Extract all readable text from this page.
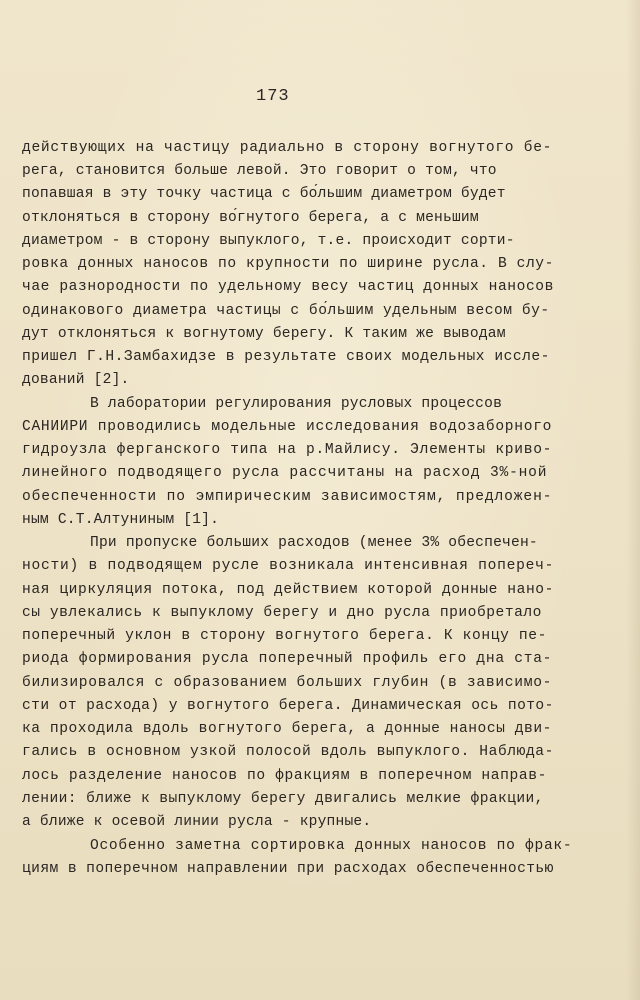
173
действующих на частицу радиально в сторону вогнутого бе-
рега, становится больше левой. Это говорит о том, что
попавшая в эту точку частица с бо́льшим диаметром будет
отклоняться в сторону во́гнутого берега, а с меньшим
диаметром - в сторону выпуклого, т.е. происходит сорти-
ровка донных наносов по крупности по ширине русла. В слу-
чае разнородности по удельному весу частиц донных наносов
одинакового диаметра частицы с бо́льшим удельным весом бу-
дут отклоняться к вогнутому берегу. К таким же выводам
пришел Г.Н.Замбахидзе в результате своих модельных иссле-
дований [2].
В лаборатории регулирования русловых процессов
САНИИРИ проводились модельные исследования водозаборного
гидроузла ферганского типа на р.Майлису. Элементы криво-
линейного подводящего русла рассчитаны на расход 3%-ной
обеспеченности по эмпирическим зависимостям, предложен-
ным С.Т.Алтуниным [1].
При пропуске больших расходов (менее 3% обеспечен-
ности) в подводящем русле возникала интенсивная попереч-
ная циркуляция потока, под действием которой донные нано-
сы увлекались к выпуклому берегу и дно русла приобретало
поперечный уклон в сторону вогнутого берега. К концу пе-
риода формирования русла поперечный профиль его дна ста-
билизировался с образованием больших глубин (в зависимо-
сти от расхода) у вогнутого берега. Динамическая ось пото-
ка проходила вдоль вогнутого берега, а донные наносы дви-
гались в основном узкой полосой вдоль выпуклого. Наблюда-
лось разделение наносов по фракциям в поперечном направ-
лении: ближе к выпуклому берегу двигались мелкие фракции,
а ближе к осевой линии русла - крупные.
Особенно заметна сортировка донных наносов по фрак-
циям в поперечном направлении при расходах обеспеченностью
